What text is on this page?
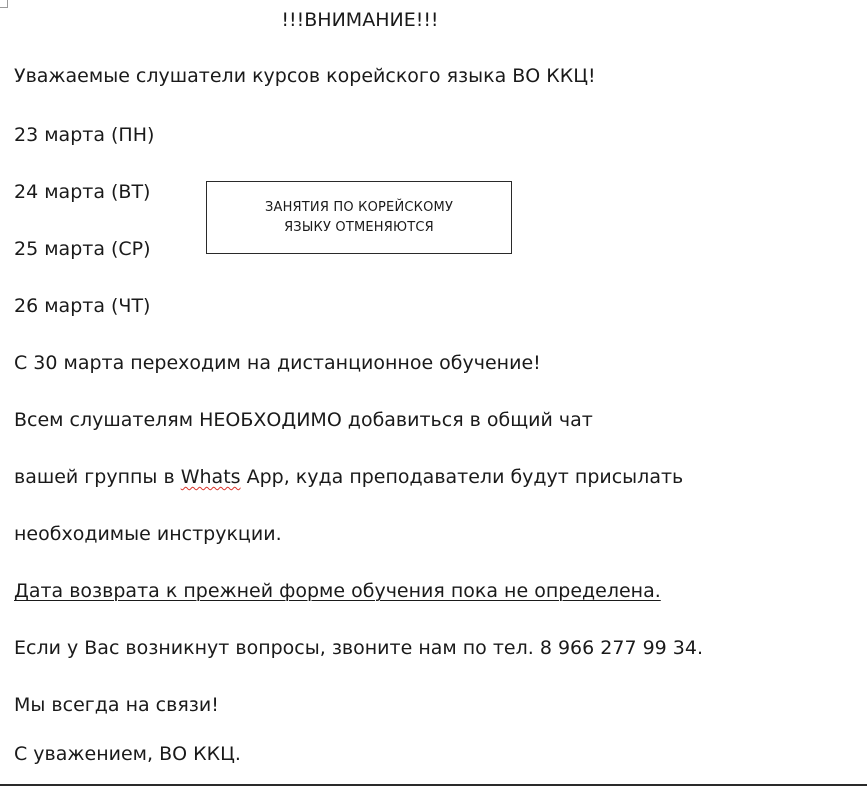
!!!ВНИМАНИЕ!!!
Уважаемые слушатели курсов корейского языка ВО ККЦ!
23 марта (ПН)
24 марта (ВТ)
25 марта (СР)
26 марта (ЧТ)
ЗАНЯТИЯ ПО КОРЕЙСКОМУ
ЯЗЫКУ ОТМЕНЯЮТСЯ
С 30 марта переходим на дистанционное обучение!
Всем слушателям НЕОБХОДИМО добавиться в общий чат
вашей группы в Whats App, куда преподаватели будут присылать
необходимые инструкции.
Дата возврата к прежней форме обучения пока не определена.
Если у Вас возникнут вопросы, звоните нам по тел. 8 966 277 99 34.
Мы всегда на связи!
С уважением, ВО ККЦ.
